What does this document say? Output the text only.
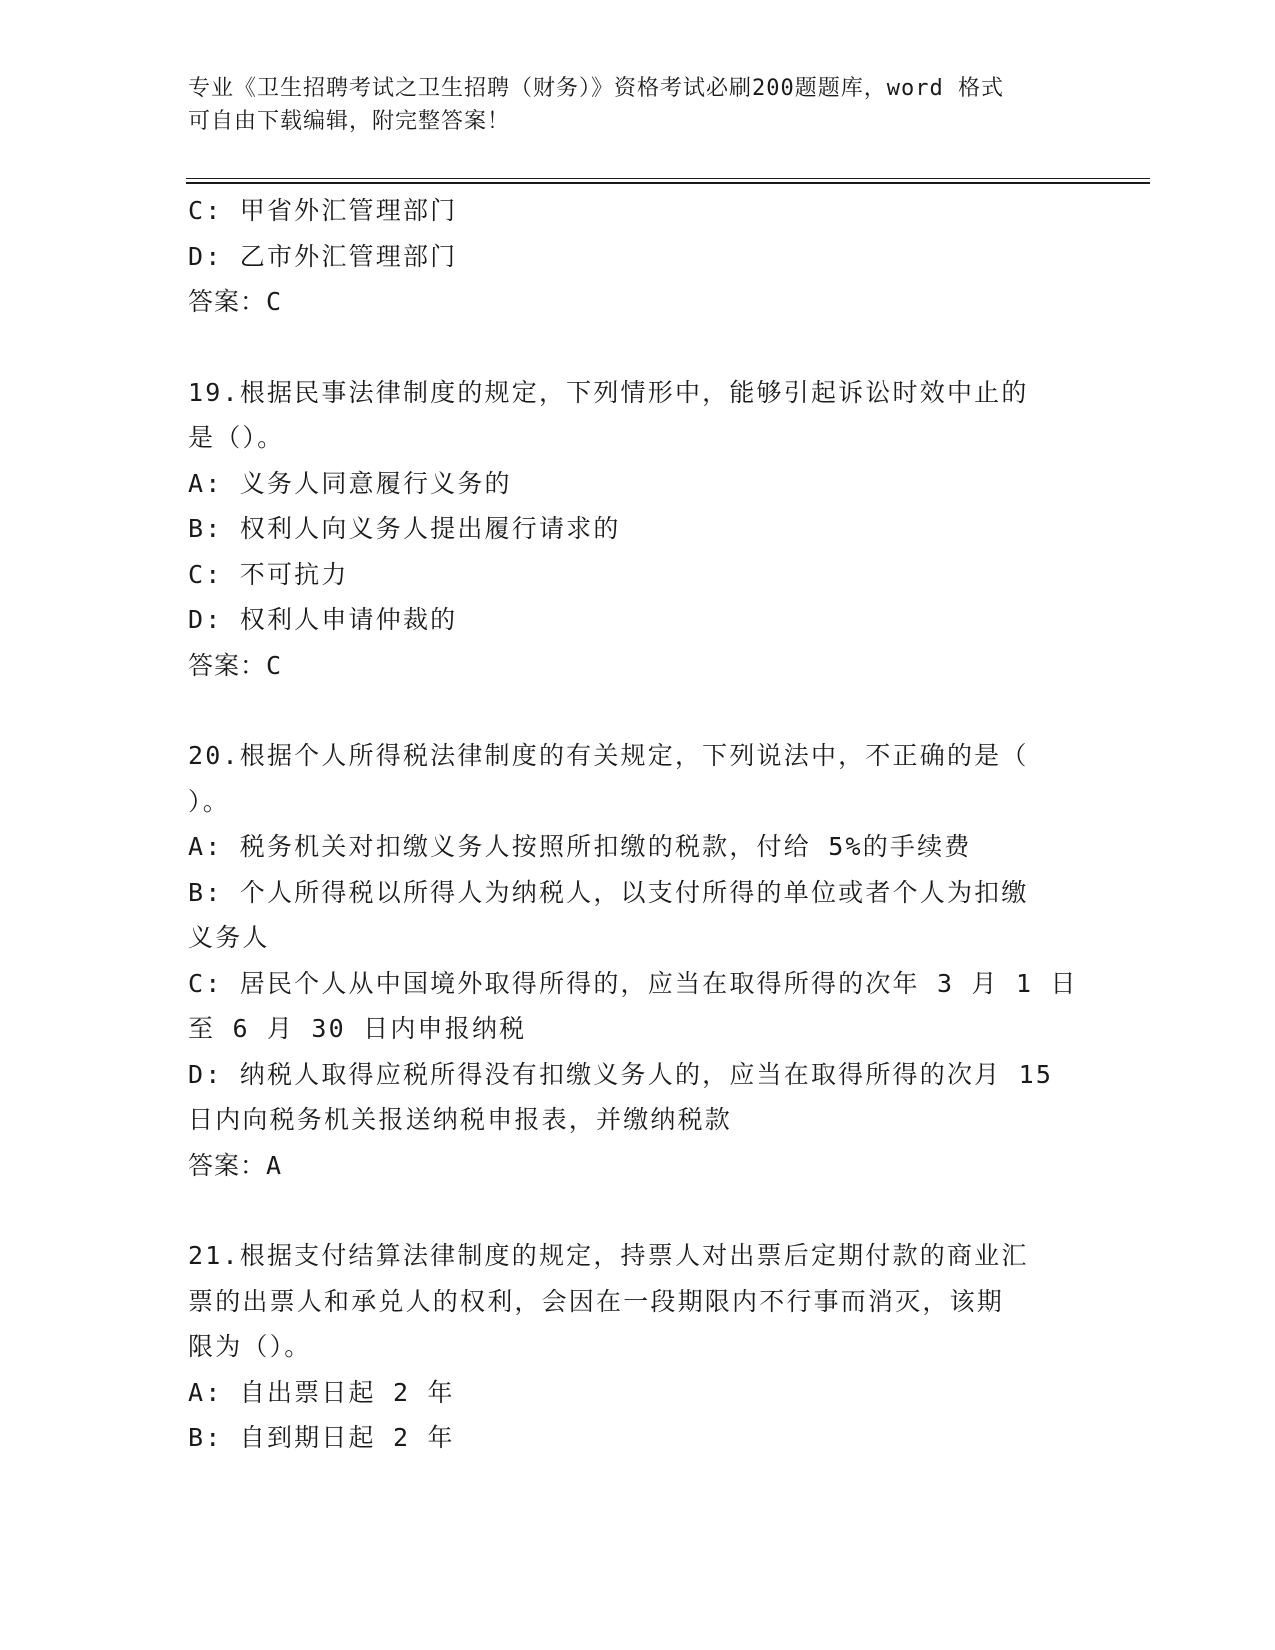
专业《卫生招聘考试之卫生招聘（财务）》资格考试必刷200题题库，word 格式
可自由下载编辑，附完整答案！
C: 甲省外汇管理部门
D: 乙市外汇管理部门
答案：C
19.根据民事法律制度的规定，下列情形中，能够引起诉讼时效中止的
是（）。
A: 义务人同意履行义务的
B: 权利人向义务人提出履行请求的
C: 不可抗力
D: 权利人申请仲裁的
答案：C
20.根据个人所得税法律制度的有关规定，下列说法中，不正确的是（
）。
A: 税务机关对扣缴义务人按照所扣缴的税款，付给 5%的手续费
B: 个人所得税以所得人为纳税人，以支付所得的单位或者个人为扣缴
义务人
C: 居民个人从中国境外取得所得的，应当在取得所得的次年 3 月 1 日
至 6 月 30 日内申报纳税
D: 纳税人取得应税所得没有扣缴义务人的，应当在取得所得的次月 15
日内向税务机关报送纳税申报表，并缴纳税款
答案：A
21.根据支付结算法律制度的规定，持票人对出票后定期付款的商业汇
票的出票人和承兑人的权利，会因在一段期限内不行事而消灭，该期
限为（）。
A: 自出票日起 2 年
B: 自到期日起 2 年
